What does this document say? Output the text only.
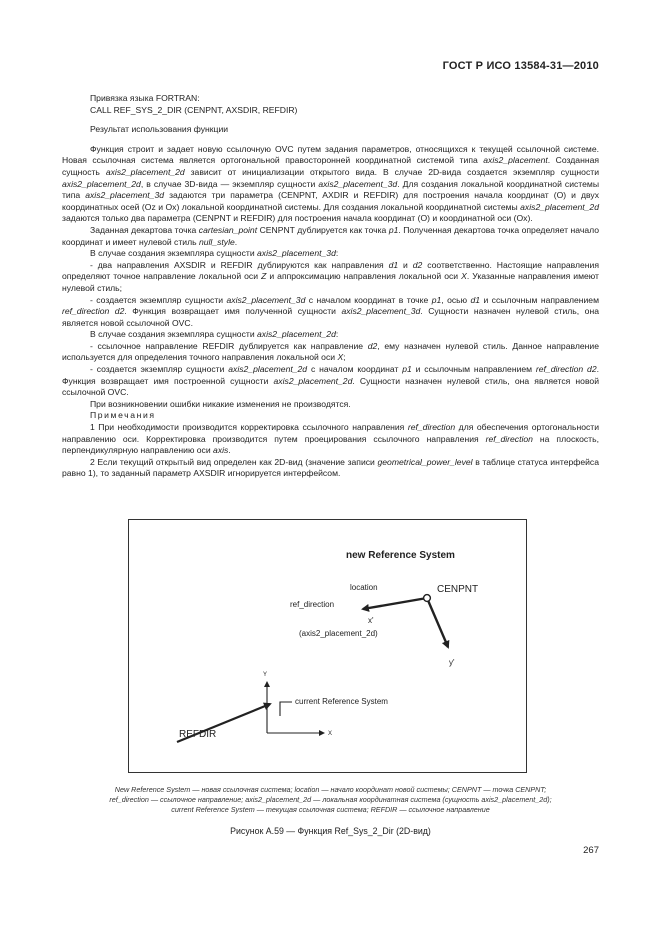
ГОСТ Р ИСО 13584-31—2010

Привязка языка FORTRAN:

CALL REF_SYS_2_DIR (CENPNT, AXSDIR, REFDIR)

Результат использования функции

Функция строит и задает новую ссылочную OVC путем задания параметров, относящихся к текущей ссылочной системе. Новая ссылочная система является ортогональной правосторонней координатной системой типа axis2_placement. Созданная сущность axis2_placement_2d зависит от инициализации открытого вида. В случае 2D-вида создается экземпляр сущности axis2_placement_2d, в случае 3D-вида — экземпляр сущности axis2_placement_3d. Для создания локальной координатной системы типа axis2_placement_3d задаются три параметра (CENPNT, AXDIR и REFDIR) для построения начала координат (O) и двух координатных осей (Oz и Ox) локальной координатной системы. Для создания локальной координатной системы axis2_placement_2d задаются только два параметра (CENPNT и REFDIR) для построения начала координат (O) и координатной оси (Ox).

Заданная декартова точка cartesian_point CENPNT дублируется как точка p1. Полученная декартова точка определяет начало координат и имеет нулевой стиль null_style.

В случае создания экземпляра сущности axis2_placement_3d:

- два направления AXSDIR и REFDIR дублируются как направления d1 и d2 соответственно. Настоящие направления определяют точное направление локальной оси Z и аппроксимацию направления локальной оси X. Указанные направления имеют нулевой стиль;

- создается экземпляр сущности axis2_placement_3d с началом координат в точке p1, осью d1 и ссылочным направлением ref_direction d2. Функция возвращает имя полученной сущности axis2_placement_3d. Сущности назначен нулевой стиль, она является новой ссылочной OVC.

В случае создания экземпляра сущности axis2_placement_2d:

- ссылочное направление REFDIR дублируется как направление d2, ему назначен нулевой стиль. Данное направление используется для определения точного направления локальной оси X;

- создается экземпляр сущности axis2_placement_2d с началом координат p1 и ссылочным направлением ref_direction d2. Функция возвращает имя построенной сущности axis2_placement_2d. Сущности назначен нулевой стиль, она является новой ссылочной OVC.

При возникновении ошибки никакие изменения не производятся.

Примечания

1 При необходимости производится корректировка ссылочного направления ref_direction для обеспечения ортогональности направлению оси. Корректировка производится путем проецирования ссылочного направления ref_direction на плоскость, перпендикулярную направлению оси axis.

2 Если текущий открытый вид определен как 2D-вид (значение записи geometrical_power_level в таблице статуса интерфейса равно 1), то заданный параметр AXSDIR игнорируется интерфейсом.

new Reference System
location	CENPNT
ref_direction
x'
(axis2_placement_2d)
y'
Y
X
current Reference System
REFDIR
New Reference System — новая ссылочная система; location — начало координат новой системы; CENPNT — точка CENPNT;
ref_direction — ссылочное направление; axis2_placement_2d — локальная координатная система (сущность axis2_placement_2d);
current Reference System — текущая ссылочная система; REFDIR — ссылочное направление
Рисунок А.59 — Функция Ref_Sys_2_Dir (2D-вид)
267
